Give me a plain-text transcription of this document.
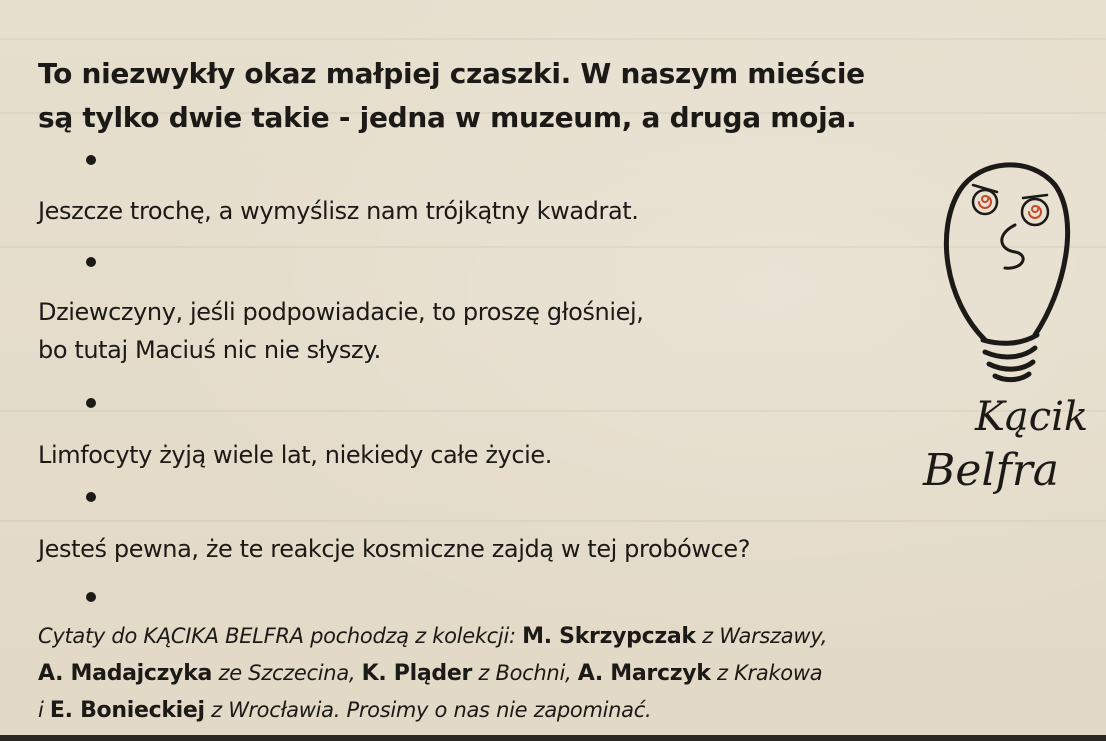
To niezwykły okaz małpiej czaszki. W naszym mieście
są tylko dwie takie - jedna w muzeum, a druga moja.

Jeszcze trochę, a wymyślisz nam trójkątny kwadrat.

Dziewczyny, jeśli podpowiadacie, to proszę głośniej,
bo tutaj Maciuś nic nie słyszy.

Limfocyty żyją wiele lat, niekiedy całe życie.

Jesteś pewna, że te reakcje kosmiczne zajdą w tej probówce?

Cytaty do KĄCIKA BELFRA pochodzą z kolekcji: M. Skrzypczak z Warszawy,
A. Madajczyka ze Szczecina, K. Pląder z Bochni, A. Marczyk z Krakowa
i E. Bonieckiej z Wrocławia. Prosimy o nas nie zapominać.

Kącik
Belfra
